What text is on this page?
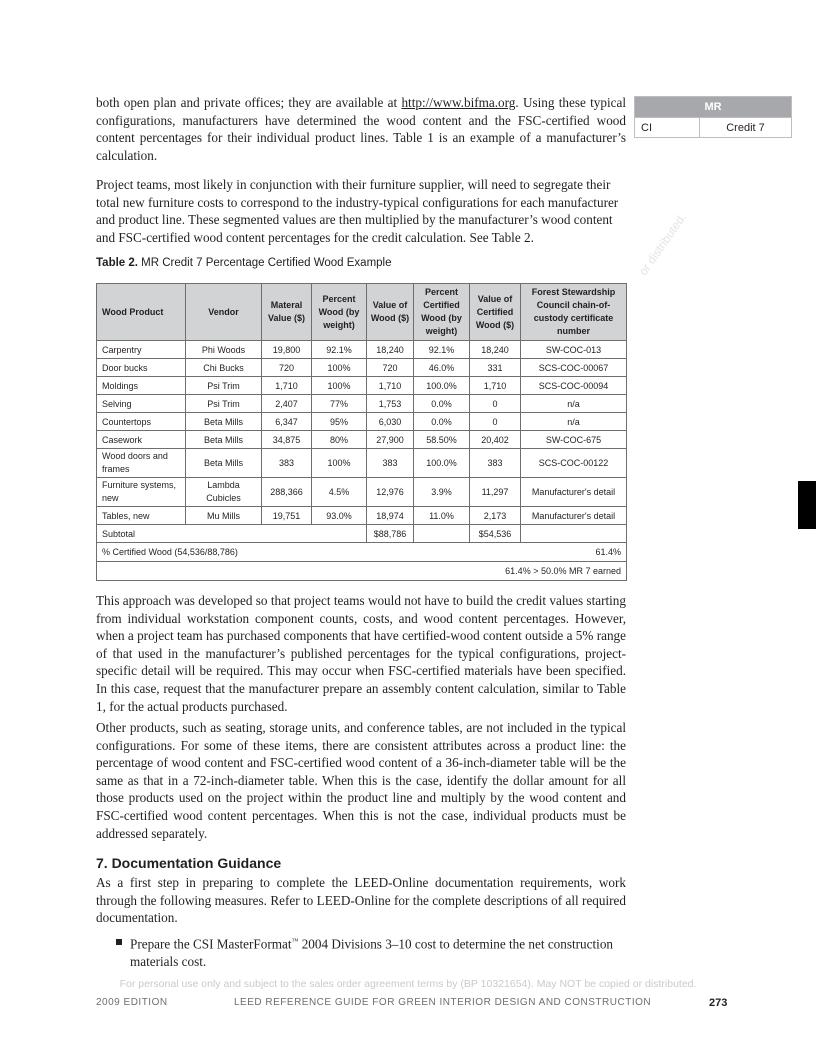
or distributed.

both open plan and private offices; they are available at http://www.bifma.org. Using these typical configurations, manufacturers have determined the wood content and the FSC-certified wood content percentages for their individual product lines. Table 1 is an example of a manufacturer’s calculation.

MR
CI	Credit 7

Project teams, most likely in conjunction with their furniture supplier, will need to segregate their total new furniture costs to correspond to the industry-typical configurations for each manufacturer and product line. These segmented values are then multiplied by the manufacturer’s wood content and FSC-certified wood content percentages for the credit calculation. See Table 2.

Table 2. MR Credit 7 Percentage Certified Wood Example
Wood Product	Vendor	Materal Value ($)	Percent Wood (by weight)	Value of Wood ($)	Percent Certified Wood (by weight)	Value of Certified Wood ($)	Forest Stewardship Council chain-of-custody certificate number
Carpentry	Phi Woods	19,800	92.1%	18,240	92.1%	18,240	SW-COC-013
Door bucks	Chi Bucks	720	100%	720	46.0%	331	SCS-COC-00067
Moldings	Psi Trim	1,710	100%	1,710	100.0%	1,710	SCS-COC-00094
Selving	Psi Trim	2,407	77%	1,753	0.0%	0	n/a
Countertops	Beta Mills	6,347	95%	6,030	0.0%	0	n/a
Casework	Beta Mills	34,875	80%	27,900	58.50%	20,402	SW-COC-675
Wood doors and frames	Beta Mills	383	100%	383	100.0%	383	SCS-COC-00122
Furniture systems, new	Lambda Cubicles	288,366	4.5%	12,976	3.9%	11,297	Manufacturer's detail
Tables, new	Mu Mills	19,751	93.0%	18,974	11.0%	2,173	Manufacturer's detail
Subtotal				$88,786		$54,536	
% Certified Wood (54,536/88,786) 61.4%							

61.4% > 50.0% MR 7 earned							

This approach was developed so that project teams would not have to build the credit values starting from individual workstation component counts, costs, and wood content percentages. However, when a project team has purchased components that have certified-wood content outside a 5% range of that used in the manufacturer’s published percentages for the typical configurations, project-specific detail will be required. This may occur when FSC-certified materials have been specified. In this case, request that the manufacturer prepare an assembly content calculation, similar to Table 1, for the actual products purchased.

Other products, such as seating, storage units, and conference tables, are not included in the typical configurations. For some of these items, there are consistent attributes across a product line: the percentage of wood content and FSC-certified wood content of a 36-inch-diameter table will be the same as that in a 72-inch-diameter table. When this is the case, identify the dollar amount for all those products used on the project within the product line and multiply by the wood content and FSC-certified wood content percentages. When this is not the case, individual products must be addressed separately.

7. Documentation Guidance

As a first step in preparing to complete the LEED-Online documentation requirements, work through the following measures. Refer to LEED-Online for the complete descriptions of all required documentation.

Prepare the CSI MasterFormat™ 2004 Divisions 3–10 cost to determine the net construction materials cost.
For personal use only and subject to the sales order agreement terms by (BP 10321654). May NOT be copied or distributed.
2009 EDITION	LEED REFERENCE GUIDE FOR GREEN INTERIOR DESIGN AND CONSTRUCTION	273
